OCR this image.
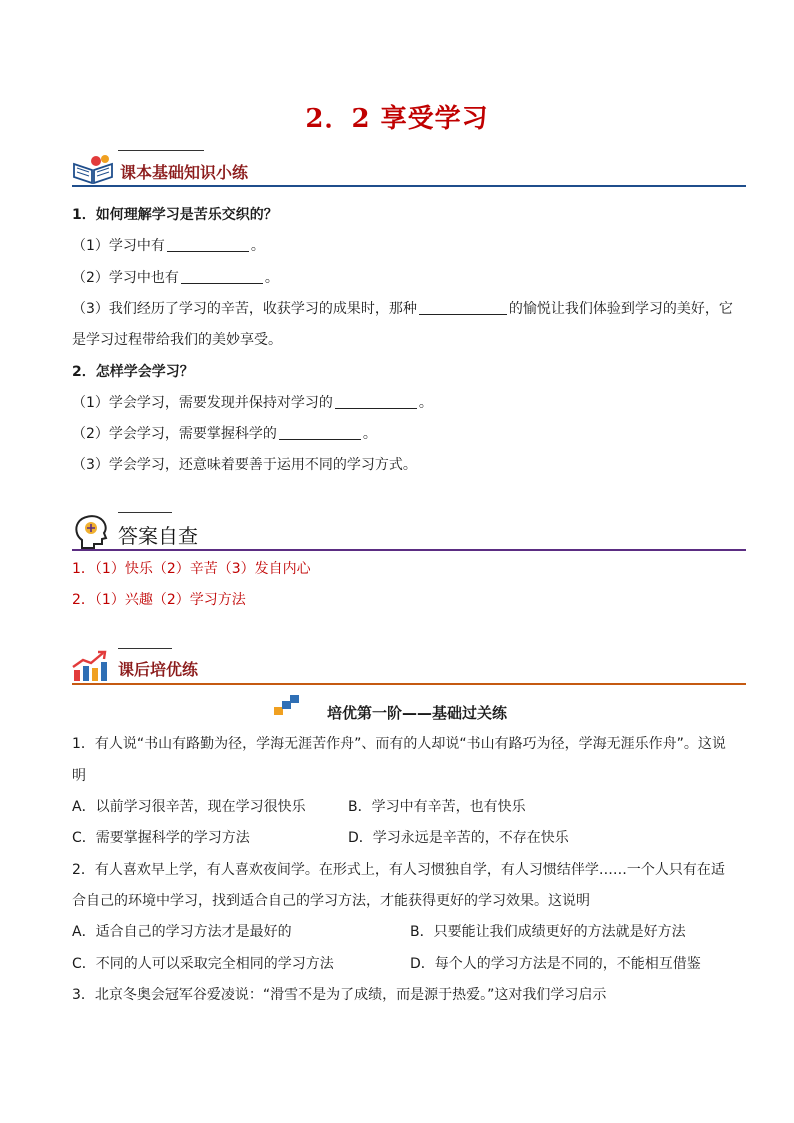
2．2 享受学习
课本基础知识小练
1．如何理解学习是苦乐交织的？
（1）学习中有	。
（2）学习中也有	。
（3）我们经历了学习的辛苦，收获学习的成果时，那种	的愉悦让我们体验到学习的美好，它
是学习过程带给我们的美妙享受。
2．怎样学会学习？
（1）学会学习，需要发现并保持对学习的	。
（2）学会学习，需要掌握科学的	。
（3）学会学习，还意味着要善于运用不同的学习方式。
答案自查
1．（1）快乐（2）辛苦（3）发自内心
2．（1）兴趣（2）学习方法
课后培优练
培优第一阶——基础过关练
1．有人说“书山有路勤为径，学海无涯苦作舟”、而有的人却说“书山有路巧为径，学海无涯乐作舟”。这说
明
A．以前学习很辛苦，现在学习很快乐	B．学习中有辛苦，也有快乐
C．需要掌握科学的学习方法	D．学习永远是辛苦的，不存在快乐
2．有人喜欢早上学，有人喜欢夜间学。在形式上，有人习惯独自学，有人习惯结伴学……一个人只有在适
合自己的环境中学习，找到适合自己的学习方法，才能获得更好的学习效果。这说明
A．适合自己的学习方法才是最好的	B．只要能让我们成绩更好的方法就是好方法
C．不同的人可以采取完全相同的学习方法	D．每个人的学习方法是不同的，不能相互借鉴
3．北京冬奥会冠军谷爱凌说：“滑雪不是为了成绩，而是源于热爱。”这对我们学习启示
